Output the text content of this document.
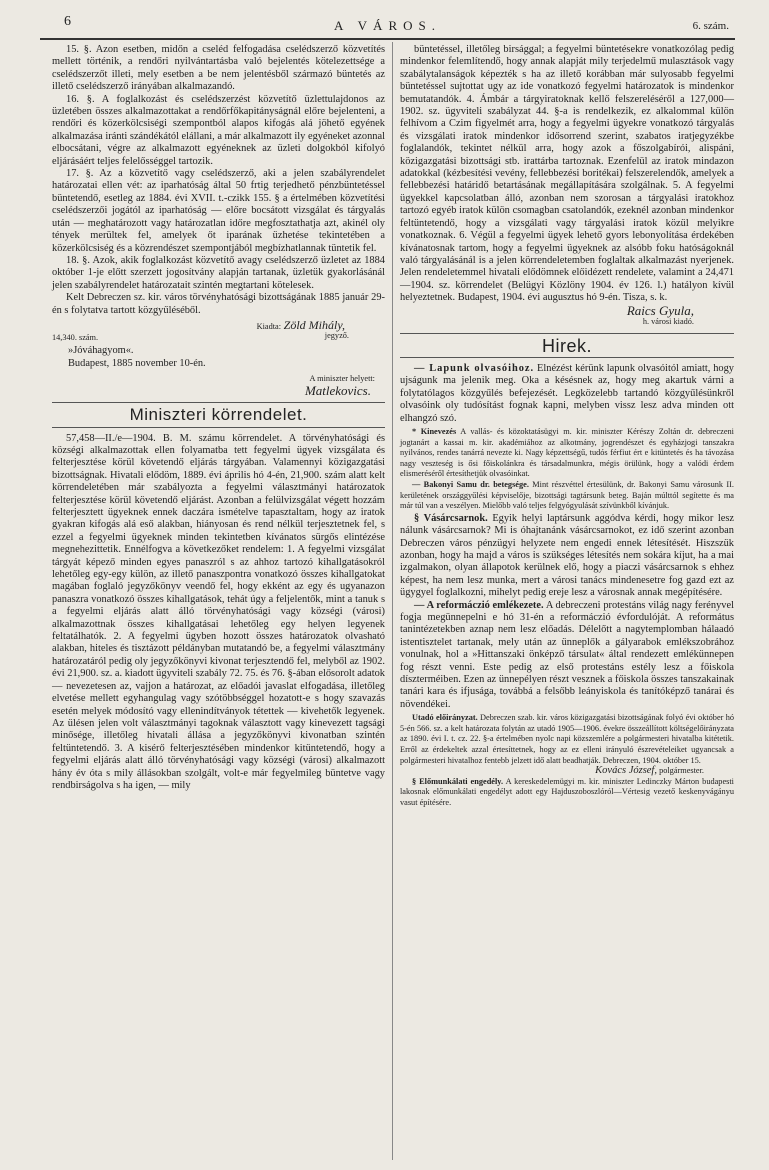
6	A VÁROS.	6. szám.

15. §. Azon esetben, midőn a cseléd felfogadása cselédszerző közvetítés mellett történik, a rendőri nyilvántartásba való bejelentés kötelezettsége a cselédszerzőt illeti, mely esetben a be nem jelentésből származó büntetés az illető cselédszerző irányában alkalmazandó.

16. §. A foglalkozást és cselédszerzést közvetítő üzlettulajdonos az üzletében összes alkalmazottakat a rendőrfőkapitányságnál előre bejelenteni, a rendőri és közerkölcsiségi szempontból alapos kifogás alá jöhető egyének alkalmazása iránti szándékától elállani, a már alkalmazott ily egyéneket azonnal elbocsátani, végre az alkalmazott egyéneknek az üzleti dolgokból kifolyó eljárásáért teljes felelősséggel tartozik.

17. §. Az a közvetítő vagy cselédszerző, aki a jelen szabályrendelet határozatai ellen vét: az iparhatóság által 50 frtig terjedhető pénzbüntetéssel büntetendő, esetleg az 1884. évi XVII. t.-czikk 155. § a értelmében közvetítési cselédszerzői jogától az iparhatóság — előre bocsátott vizsgálat és tárgyalás után — meghatározott vagy határozatlan időre megfosztathatja azt, akinél oly tények merültek fel, amelyek őt iparának üzhetése tekintetében a közerkölcsiség és a közrendészet szempontjából megbízhatlannak tüntetik fel.

18. §. Azok, akik foglalkozást közvetítő avagy cselédszerző üzletet az 1884 október 1-je előtt szerzett jogosítvány alapján tartanak, üzletük gyakorlásánál jelen szabályrendelet határozatait szintén megtartani kötelesek.

Kelt Debreczen sz. kir. város törvényhatósági bizottságának 1885 január 29-én s folytatva tartott közgyűléséből.

Kiadta: Zöld Mihály,
14,340. szám.	jegyző.
»Jóváhagyom«.
Budapest, 1885 november 10-én.
A miniszter helyett:
Matlekovics.
Miniszteri körrendelet.

57,458—II./e—1904. B. M. számu körrendelet. A törvényhatósági és községi alkalmazottak ellen folyamatba tett fegyelmi ügyek vizsgálata és felterjesztése körül követendő eljárás tárgyában. Valamennyi közigazgatási bizottságnak. Hivatali elődöm, 1889. évi április hó 4-én, 21,900. szám alatt kelt körrendeletében már szabályozta a fegyelmi választmányi határozatok felterjesztése körül követendő eljárást. Azonban a felülvizsgálat végett hozzám felterjesztett ügyeknek ennek daczára ismételve tapasztaltam, hogy az iratok gyakran kifogás alá eső alakban, hiányosan és rend nélkül terjesztetnek fel, s ezzel a fegyelmi ügyeknek minden tekintetben kívánatos sürgős elintézése megnehezittetik. Ennélfogva a következőket rendelem: 1. A fegyelmi vizsgálat tárgyát képező minden egyes panaszról s az ahhoz tartozó kihallgatásokról lehetőleg egy-egy külön, az illető panaszpontra vonatkozó összes kihallgatokat magában foglaló jegyzőkönyv veendő fel, hogy ekként az egy és ugyanazon panaszra vonatkozó összes kihallgatások, tehát úgy a feljelentők, mint a tanuk s a fegyelmi eljárás alatt álló törvényhatósági vagy községi (városi) alkalmazottnak összes kihallgatásai lehetőleg egy helyen legyenek feltatálhatók. 2. A fegyelmi ügyben hozott összes határozatok olvasható alakban, hiteles és tisztázott példányban mutatandó be, a fegyelmi választmány határozatáról pedig oly jegyzőkönyvi kivonat terjesztendő fel, melyből az 1902. évi 21,900. sz. a. kiadott ügyviteli szabály 72. 75. és 76. §-ában elősorolt adatok — nevezetesen az, vajjon a határozat, az előadói javaslat elfogadása, illetőleg elvetése mellett egyhangulag vagy szótöbbséggel hozatott-e s hogy szavazás esetén melyek módosító vagy ellenindítványok tétettek — kivehetők legyenek. Az ülésen jelen volt választmányi tagoknak választott vagy kinevezett tagsági minősége, illetőleg hivatali állása a jegyzőkönyvi kivonatban szintén feltüntetendő. 3. A kisérő felterjesztésében mindenkor kitüntetendő, hogy a fegyelmi eljárás alatt álló törvényhatósági vagy községi (városi) alkalmazott hány év óta s mily állásokban szolgált, volt-e már fegyelmileg büntetve vagy rendbirságolva s ha igen, — mily

büntetéssel, illetőleg birsággal; a fegyelmi büntetésekre vonatkozólag pedig mindenkor felemlítendő, hogy annak alapját mily terjedelmű mulasztások vagy szabálytalanságok képezték s ha az illető korábban már sulyosabb fegyelmi büntetéssel sujtottat ugy az ide vonatkozó fegyelmi határozatok is mindenkor bemutatandók. 4. Ámbár a tárgyiratoknak kellő felszereléséről a 127,000—1902. sz. ügyviteli szabályzat 44. §-a is rendelkezik, ez alkalommal külön felhívom a Czim figyelmét arra, hogy a fegyelmi ügyekre vonatkozó tárgyalás és vizsgálati iratok mindenkor idősorrend szerint, szabatos iratjegyzékbe foglalandók, tekintet nélkül arra, hogy azok a főszolgabírói, alispáni, közigazgatási bizottsági stb. irattárba tartoznak. Ezenfelül az iratok mindazon adatokkal (kézbesítési vevény, fellebbezési boritékai) felszerelendők, amelyek a fellebbezési határidő betartásának megállapítására szolgálnak. 5. A fegyelmi ügyekkel kapcsolatban álló, azonban nem szorosan a tárgyalási iratokhoz tartozó egyéb iratok külön csomagban csatolandók, ezeknél azonban mindenkor feltüntetendő, hogy a vizsgálati vagy tárgyalási iratok közül melyikre vonatkoznak. 6. Végül a fegyelmi ügyek lehető gyors lebonyolítása érdekében kívánatosnak tartom, hogy a fegyelmi ügyeknek az alsóbb foku hatóságoknál való tárgyalásánál is a jelen körrendeletemben foglaltak alkalmazást nyerjenek. Jelen rendeletemmel hivatali elődömnek előidézett rendelete, valamint a 24,471—1904. sz. körrendelet (Belügyi Közlöny 1904. év 126. l.) hatályon kívül helyeztetnek. Budapest, 1904. évi augusztus hó 9-én. Tisza, s. k.

Raics Gyula,
h. városi kiadó.
Hirek.

— Lapunk olvasóihoz. Elnézést kérünk lapunk olvasóitól amiatt, hogy ujságunk ma jelenik meg. Oka a késésnek az, hogy meg akartuk várni a folytatólagos közgyűlés befejezését. Legközelebb tartandó közgyűlésünkről olvasóink oly tudósítást fognak kapni, melyben vissz lesz adva minden ott elhangzó szó.

* Kinevezés A vallás- és közoktatásügyi m. kir. miniszter Kérészy Zoltán dr. debreczeni jogtanárt a kassai m. kir. akadémiához az alkotmány, jogrendészet és egyházjogi tanszakra nyilvános, rendes tanárrá nevezte ki. Nagy képzettségű, tudós férfiut ért e kitüntetés és ha távozása nagy veszteség is ősi főiskolánkra és társadalmunkra, mégis örülünk, hogy a valódi érdem elismeréséről értesíthetjük olvasóinkat.

— Bakonyi Samu dr. betegsége. Mint részvéttel értesülünk, dr. Bakonyi Samu városunk II. kerületének országgyűlési képviselője, bizottsági tagtársunk beteg. Baján múlttól segítette és ma már túl van a veszélyen. Mielőbb való teljes felgyógyulását szívünkből kívánjuk.

§ Vásárcsarnok. Egyik helyi laptársunk aggódva kérdi, hogy mikor lesz nálunk vásárcsarnok? Mi is óhajtanánk vásárcsarnokot, ez idő szerint azonban Debreczen város pénzügyi helyzete nem engedi ennek létesítését. Hiszszük azonban, hogy ha majd a város is szükséges létesítés nem sokára kíjut, ha a mai izgalmakon, olyan állapotok kerülnek elő, hogy a piaczi vásárcsarnok s ehhez képest, ha nem lesz munka, mert a városi tanács mindenesetre fog gazd ezt az ügygyel foglalkozni, mihelyt pedig ereje lesz a városnak annak megépítésére.

— A reformáczió emlékezete. A debreczeni protestáns világ nagy ferényvel fogja megünnepelni e hó 31-én a reformáczió évfordulóját. A református tanintézetekben aznap nem lesz előadás. Délelőtt a nagytemplomban hálaadó istentisztelet tartanak, mely után az ünneplők a gályarabok emlékszobrához vonulnak, hol a »Hittanszaki önképző társulat« által rendezett emlékünnepen fog részt venni. Este pedig az első protestáns estély lesz a főiskola díszterméiben. Ezen az ünnepélyen részt vesznek a főiskola összes tanszakainak tanári kara és ifjusága, továbbá a felsőbb leányiskola és tanítóképző tanárai és növendékei.

Utadó előirányzat. Debreczen szab. kir. város közigazgatási bizottságának folyó évi október hó 5-én 566. sz. a kelt határozata folytán az utadó 1905—1906. évekre összeállított költségelőirányzata az 1890. évi I. t. cz. 22. §-a értelmében nyolc napi közszemlére a polgármesteri hivatalba kitétetik. Erről az érdekeltek azzal értesíttetnek, hogy az ez elleni irányuló észrevételeiket ugyancsak a polgármesteri hivatalhoz fentebb jelzett idő alatt beadhatják. Debreczen, 1904. október 15.

Kovács József, polgármester.

§ Előmunkálati engedély. A kereskedelemügyi m. kir. miniszter Ledinczky Márton budapesti lakosnak előmunkálati engedélyt adott egy Hajduszoboszlóról—Vértesig vezető keskenyvágányu vasut építésére.
